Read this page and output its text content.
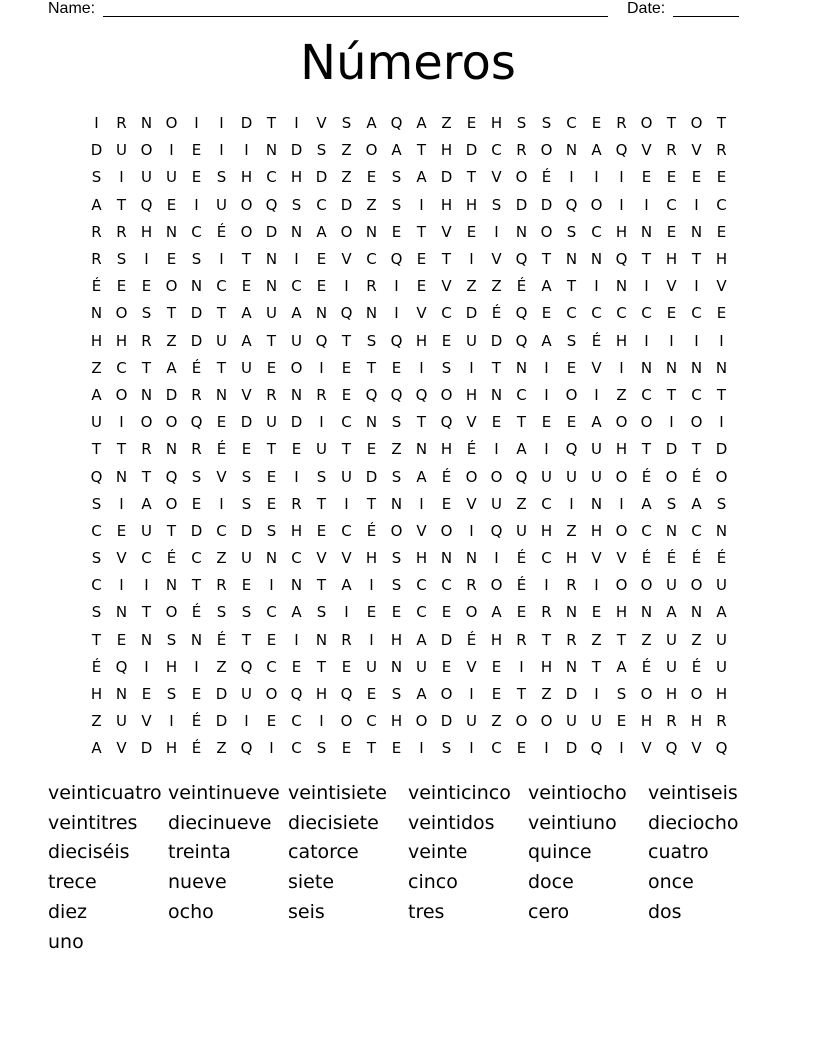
Name:	Date:
Números
I	R N O	I	I	D T	I	V	S	A Q A Z	E H S	S C	E	R O T O T
D U O	I	E	I	I	N D S	Z O A	T H D C R O N A Q V R V R
S	I	U U E	S H C H D Z	E	S	A D T	V O É	I	I	I	E	E	E	E
A	T Q E	I	U O Q S C D Z	S	I	H H S D D Q O	I	I	C	I	C
R R H N C	É O D N A O N E	T	V	E	I	N O S C H N E N E
R	S	I	E	S	I	T N	I	E	V C Q E	T	I	V Q T N N Q T H T H
É	E	E O N C	E N C	E	I	R	I	E	V Z Z	É	A	T	I	N	I	V	I	V
N O S	T D T	A U A N Q N	I	V C D É Q E	C C C C	E	C	E
H H R Z D U A	T U Q T	S Q H E U D Q A	S	É H	I	I	I	I
Z C	T	A	É	T U E O	I	E	T	E	I	S	I	T N	I	E	V	I	N N N N
A O N D R N V R N R	E Q Q Q O H N C	I	O	I	Z C	T	C	T
U	I	O O Q E D U D	I	C N S	T Q V	E	T	E	E	A O O	I	O	I
T	T	R N R	É	E	T	E U T	E	Z N H É	I	A	I	Q U H T D T D
Q N T Q S	V	S	E	I	S U D S	A	É O O Q U U U O É O É O
S	I	A O E	I	S	E	R	T	I	T N	I	E	V U Z C	I	N	I	A	S	A	S
C	E U T D C D S H E	C	É O V O	I	Q U H Z H O C N C N
S	V C	É	C Z U N C V V H S H N N	I	É	C H V V	É	É	É	É
C	I	I	N T	R	E	I	N T	A	I	S C C R O É	I	R	I	O O U O U
S N T O É	S	S C A	S	I	E	E	C	E O A	E	R N E H N A N A
T	E N S N É	T	E	I	N R	I	H A D É H R	T	R Z	T	Z U Z U
É Q	I	H	I	Z Q C	E	T	E U N U E	V	E	I	H N T	A	É U É U
H N E	S	E D U O Q H Q E	S	A O	I	E	T	Z D	I	S O H O H
Z U V	I	É D	I	E	C	I	O C H O D U Z O O U U E H R H R
A V D H É	Z Q	I	C	S	E	T	E	I	S	I	C	E	I	D Q	I	V Q V Q
veinticuatro veintinueve veintisiete	veinticinco veintiocho	veintiseis
veintitres	diecinueve diecisiete	veintidos	veintiuno	dieciocho
dieciséis	treinta	catorce	veinte	quince	cuatro
trece	nueve	siete	cinco	doce	once
diez	ocho	seis	tres	cero	dos
uno
